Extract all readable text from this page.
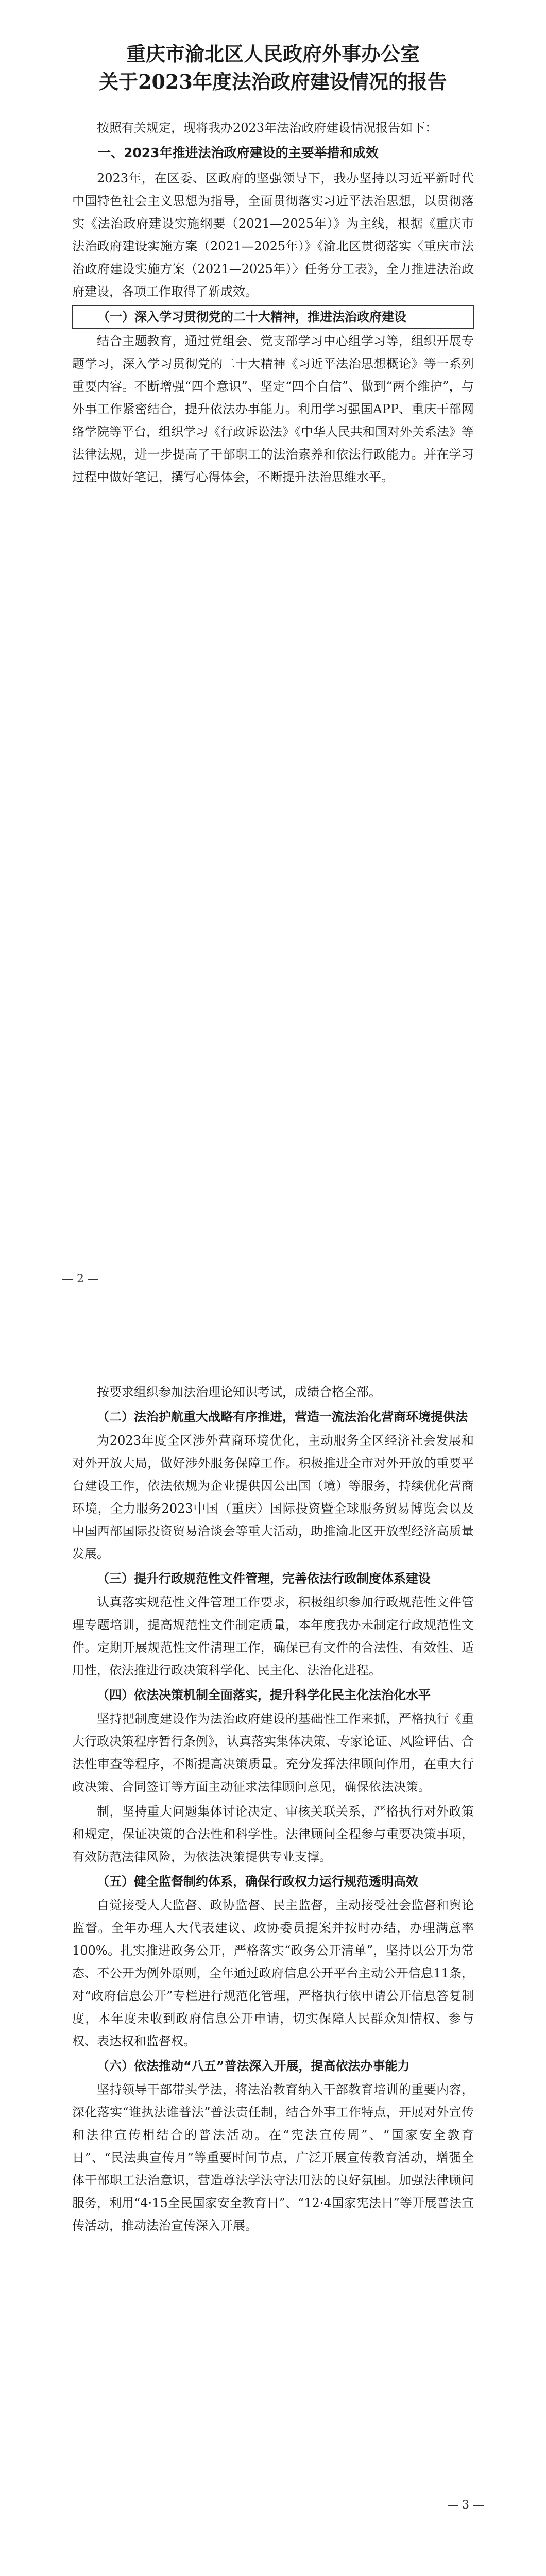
重庆市渝北区人民政府外事办公室
关于2023年度法治政府建设情况的报告

按照有关规定，现将我办2023年法治政府建设情况报告如下：

一、2023年推进法治政府建设的主要举措和成效

2023年，在区委、区政府的坚强领导下，我办坚持以习近平新时代中国特色社会主义思想为指导，全面贯彻落实习近平法治思想，以贯彻落实《法治政府建设实施纲要（2021—2025年）》为主线，根据《重庆市法治政府建设实施方案（2021—2025年）》《渝北区贯彻落实〈重庆市法治政府建设实施方案（2021—2025年）〉任务分工表》，全力推进法治政府建设，各项工作取得了新成效。

（一）深入学习贯彻党的二十大精神，推进法治政府建设

结合主题教育，通过党组会、党支部学习中心组学习等，组织开展专题学习，深入学习贯彻党的二十大精神《习近平法治思想概论》等一系列重要内容。不断增强“四个意识”、坚定“四个自信”、做到“两个维护”，与外事工作紧密结合，提升依法办事能力。利用学习强国APP、重庆干部网络学院等平台，组织学习《行政诉讼法》《中华人民共和国对外关系法》等法律法规，进一步提高了干部职工的法治素养和依法行政能力。并在学习过程中做好笔记，撰写心得体会，不断提升法治思维水平。

— 2 —

按要求组织参加法治理论知识考试，成绩合格全部。

（二）法治护航重大战略有序推进，营造一流法治化营商环境提供法

为2023年度全区涉外营商环境优化，主动服务全区经济社会发展和对外开放大局，做好涉外服务保障工作。积极推进全市对外开放的重要平台建设工作，依法依规为企业提供因公出国（境）等服务，持续优化营商环境，全力服务2023中国（重庆）国际投资暨全球服务贸易博览会以及中国西部国际投资贸易洽谈会等重大活动，助推渝北区开放型经济高质量发展。

（三）提升行政规范性文件管理，完善依法行政制度体系建设

认真落实规范性文件管理工作要求，积极组织参加行政规范性文件管理专题培训，提高规范性文件制定质量，本年度我办未制定行政规范性文件。定期开展规范性文件清理工作，确保已有文件的合法性、有效性、适用性，依法推进行政决策科学化、民主化、法治化进程。

（四）依法决策机制全面落实，提升科学化民主化法治化水平

坚持把制度建设作为法治政府建设的基础性工作来抓，严格执行《重大行政决策程序暂行条例》，认真落实集体决策、专家论证、风险评估、合法性审查等程序，不断提高决策质量。充分发挥法律顾问作用，在重大行政决策、合同签订等方面主动征求法律顾问意见，确保依法决策。

制，坚持重大问题集体讨论决定、审核关联关系，严格执行对外政策和规定，保证决策的合法性和科学性。法律顾问全程参与重要决策事项，有效防范法律风险，为依法决策提供专业支撑。

（五）健全监督制约体系，确保行政权力运行规范透明高效

自觉接受人大监督、政协监督、民主监督，主动接受社会监督和舆论监督。全年办理人大代表建议、政协委员提案并按时办结，办理满意率100%。扎实推进政务公开，严格落实“政务公开清单”，坚持以公开为常态、不公开为例外原则，全年通过政府信息公开平台主动公开信息11条，对“政府信息公开”专栏进行规范化管理，严格执行依申请公开信息答复制度，本年度未收到政府信息公开申请，切实保障人民群众知情权、参与权、表达权和监督权。

（六）依法推动“八五”普法深入开展，提高依法办事能力

坚持领导干部带头学法，将法治教育纳入干部教育培训的重要内容，深化落实“谁执法谁普法”普法责任制，结合外事工作特点，开展对外宣传和法律宣传相结合的普法活动。在“宪法宣传周”、“国家安全教育日”、“民法典宣传月”等重要时间节点，广泛开展宣传教育活动，增强全体干部职工法治意识，营造尊法学法守法用法的良好氛围。加强法律顾问服务，利用“4·15全民国家安全教育日”、“12·4国家宪法日”等开展普法宣传活动，推动法治宣传深入开展。

— 3 —
